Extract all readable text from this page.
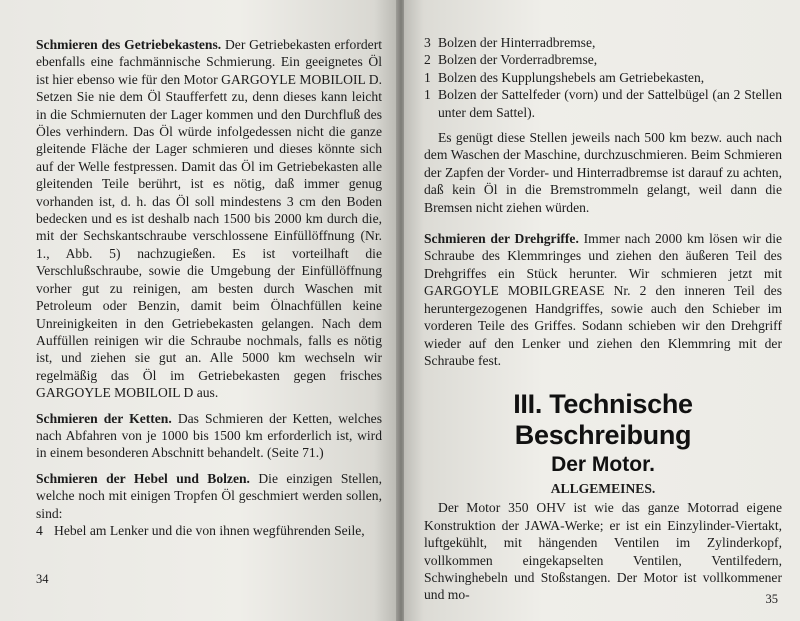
Schmieren des Getriebekastens. Der Getriebekasten erfordert ebenfalls eine fachmännische Schmierung. Ein geeignetes Öl ist hier ebenso wie für den Motor GARGOYLE MOBILOIL D. Setzen Sie nie dem Öl Staufferfett zu, denn dieses kann leicht in die Schmiernuten der Lager kommen und den Durchfluß des Öles verhindern. Das Öl würde infolgedessen nicht die ganze gleitende Fläche der Lager schmieren und dieses könnte sich auf der Welle festpressen. Damit das Öl im Getriebekasten alle gleitenden Teile berührt, ist es nötig, daß immer genug vorhanden ist, d. h. das Öl soll mindestens 3 cm den Boden bedecken und es ist deshalb nach 1500 bis 2000 km durch die, mit der Sechskantschraube verschlossene Einfüllöffnung (Nr. 1., Abb. 5) nachzugießen. Es ist vorteilhaft die Verschlußschraube, sowie die Umgebung der Einfüllöffnung vorher gut zu reinigen, am besten durch Waschen mit Petroleum oder Benzin, damit beim Ölnachfüllen keine Unreinigkeiten in den Getriebekasten gelangen. Nach dem Auffüllen reinigen wir die Schraube nochmals, falls es nötig ist, und ziehen sie gut an. Alle 5000 km wechseln wir regelmäßig das Öl im Getriebekasten gegen frisches GARGOYLE MOBILOIL D aus.

Schmieren der Ketten. Das Schmieren der Ketten, welches nach Abfahren von je 1000 bis 1500 km erforderlich ist, wird in einem besonderen Abschnitt behandelt. (Seite 71.)

Schmieren der Hebel und Bolzen. Die einzigen Stellen, welche noch mit einigen Tropfen Öl geschmiert werden sollen, sind:

4 Hebel am Lenker und die von ihnen wegführenden Seile,
34
3 Bolzen der Hinterradbremse,
2 Bolzen der Vorderradbremse,
1 Bolzen des Kupplungshebels am Getriebekasten,
1 Bolzen der Sattelfeder (vorn) und der Sattelbügel (an 2 Stellen unter dem Sattel).

Es genügt diese Stellen jeweils nach 500 km bezw. auch nach dem Waschen der Maschine, durchzuschmieren. Beim Schmieren der Zapfen der Vorder- und Hinterradbremse ist darauf zu achten, daß kein Öl in die Bremstrommeln gelangt, weil dann die Bremsen nicht ziehen würden.

Schmieren der Drehgriffe. Immer nach 2000 km lösen wir die Schraube des Klemmringes und ziehen den äußeren Teil des Drehgriffes ein Stück herunter. Wir schmieren jetzt mit GARGOYLE MOBILGREASE Nr. 2 den inneren Teil des heruntergezogenen Handgriffes, sowie auch den Schieber im vorderen Teile des Griffes. Sodann schieben wir den Drehgriff wieder auf den Lenker und ziehen den Klemmring mit der Schraube fest.

III. Technische Beschreibung
Der Motor.
ALLGEMEINES.

Der Motor 350 OHV ist wie das ganze Motorrad eigene Konstruktion der JAWA-Werke; er ist ein Einzylinder-Viertakt, luftgekühlt, mit hängenden Ventilen im Zylinderkopf, vollkommen eingekapselten Ventilen, Ventilfedern, Schwinghebeln und Stoßstangen. Der Motor ist vollkommener und mo-	35
